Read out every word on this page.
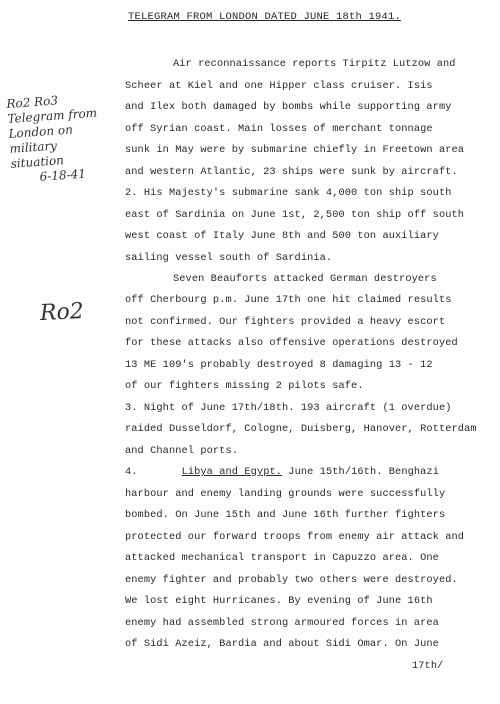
TELEGRAM FROM LONDON DATED JUNE 18th 1941.
Ro2 Ro3
Telegram from
London on
military
situation
6-18-41
Ro2
Air reconnaissance reports Tirpitz Lutzow and
Scheer at Kiel and one Hipper class cruiser. Isis
and Ilex both damaged by bombs while supporting army
off Syrian coast. Main losses of merchant tonnage
sunk in May were by submarine chiefly in Freetown area
and western Atlantic, 23 ships were sunk by aircraft.
2. His Majesty's submarine sank 4,000 ton ship south
east of Sardinia on June 1st, 2,500 ton ship off south
west coast of Italy June 8th and 500 ton auxiliary
sailing vessel south of Sardinia.
Seven Beauforts attacked German destroyers
off Cherbourg p.m. June 17th one hit claimed results
not confirmed. Our fighters provided a heavy escort
for these attacks also offensive operations destroyed
13 ME 109's probably destroyed 8 damaging 13 - 12
of our fighters missing 2 pilots safe.
3. Night of June 17th/18th. 193 aircraft (1 overdue)
raided Dusseldorf, Cologne, Duisberg, Hanover, Rotterdam
and Channel ports.
4.	Libya and Egypt. June 15th/16th. Benghazi
harbour and enemy landing grounds were successfully
bombed. On June 15th and June 16th further fighters
protected our forward troops from enemy air attack and
attacked mechanical transport in Capuzzo area. One
enemy fighter and probably two others were destroyed.
We lost eight Hurricanes. By evening of June 16th
enemy had assembled strong armoured forces in area
of Sidi Azeiz, Bardia and about Sidi Omar. On June
17th/
